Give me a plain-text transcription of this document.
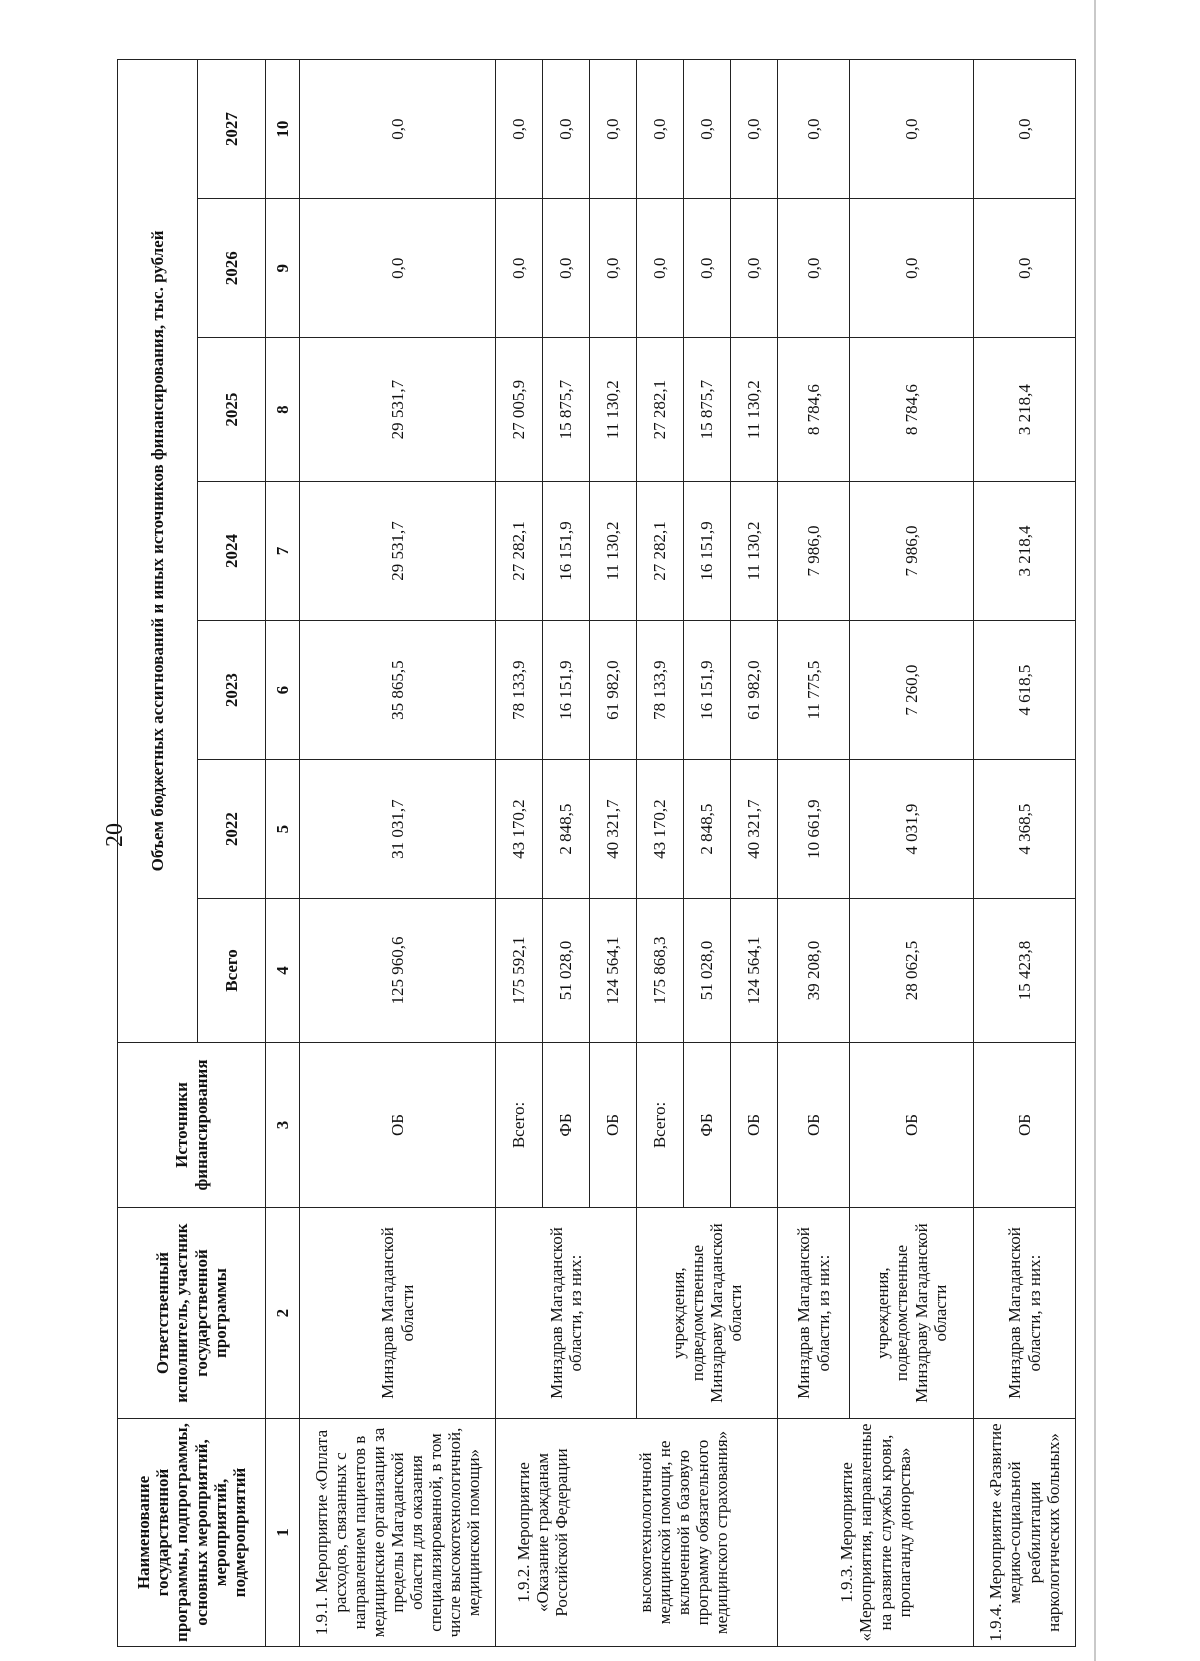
20
Наименование государственной программы, подпрограммы, основных мероприятий, мероприятий, подмероприятий	Ответственный исполнитель, участник государственной программы	Источники финансирования	Объем бюджетных ассигнований и иных источников финансирования, тыс. рублей						
			Всего	2022	2023	2024	2025	2026	2027
1	2	3	4	5	6	7	8	9	10
1.9.1. Мероприятие «Оплата расходов, связанных с направлением пациентов в медицинские организации за пределы Магаданской области для оказания специализированной, в том числе высокотехнологичной, медицинской помощи»	Минздрав Магаданской области	ОБ	125 960,6	31 031,7	35 865,5	29 531,7	29 531,7	0,0	0,0
1.9.2. Мероприятие «Оказание гражданам Российской Федерации	Минздрав Магаданской области, из них:	Всего:	175 592,1	43 170,2	78 133,9	27 282,1	27 005,9	0,0	0,0
		ФБ	51 028,0	2 848,5	16 151,9	16 151,9	15 875,7	0,0	0,0
высокотехнологичной медицинской помощи, не включенной в базовую программу обязательного медицинского страхования»		ОБ	124 564,1	40 321,7	61 982,0	11 130,2	11 130,2	0,0	0,0
	учреждения, подведомственные Минздраву Магаданской области	Всего:	175 868,3	43 170,2	78 133,9	27 282,1	27 282,1	0,0	0,0
		ФБ	51 028,0	2 848,5	16 151,9	16 151,9	15 875,7	0,0	0,0
		ОБ	124 564,1	40 321,7	61 982,0	11 130,2	11 130,2	0,0	0,0
1.9.3. Мероприятие «Мероприятия, направленные на развитие службы крови, пропаганду донорства»	Минздрав Магаданской области, из них:	ОБ	39 208,0	10 661,9	11 775,5	7 986,0	8 784,6	0,0	0,0
	учреждения, подведомственные Минздраву Магаданской области	ОБ	28 062,5	4 031,9	7 260,0	7 986,0	8 784,6	0,0	0,0
1.9.4. Мероприятие «Развитие медико-социальной реабилитации наркологических больных»	Минздрав Магаданской области, из них:	ОБ	15 423,8	4 368,5	4 618,5	3 218,4	3 218,4	0,0	0,0
